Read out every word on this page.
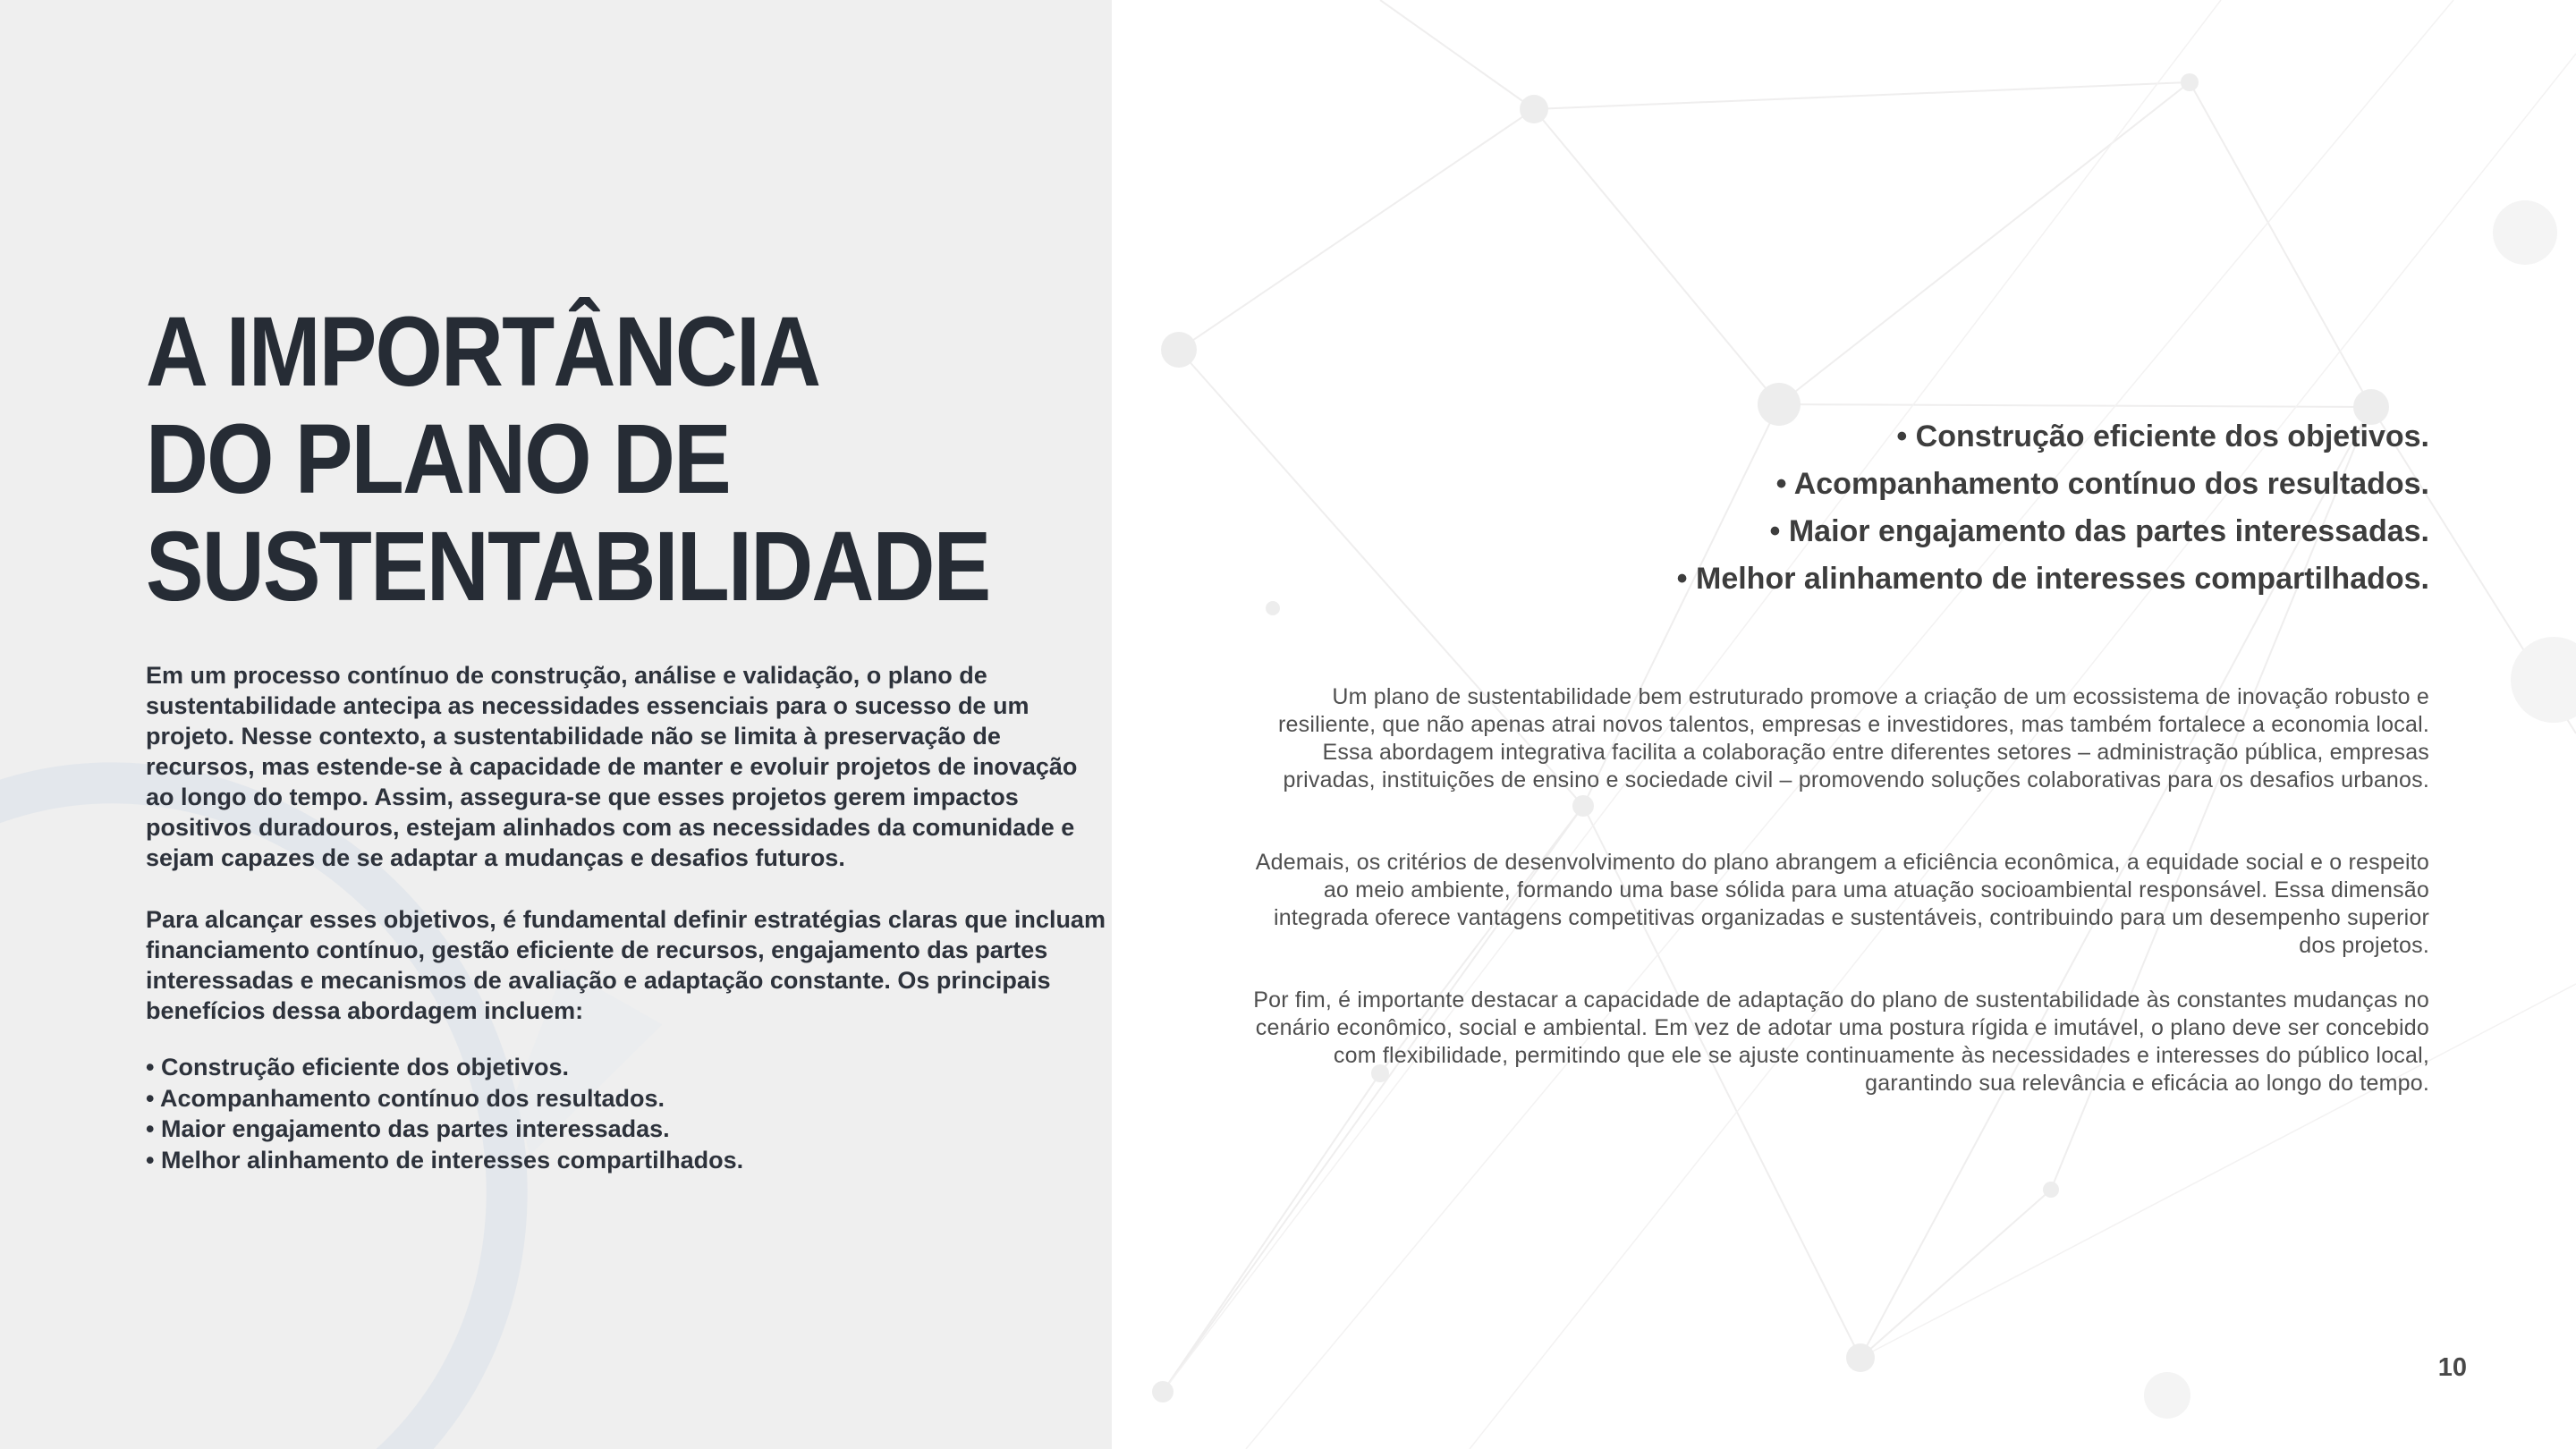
A IMPORTÂNCIA
DO PLANO DE
SUSTENTABILIDADE

Em um processo contínuo de construção, análise e validação, o plano de sustentabilidade antecipa as necessidades essenciais para o sucesso de um projeto. Nesse contexto, a sustentabilidade não se limita à preservação de recursos, mas estende-se à capacidade de manter e evoluir projetos de inovação ao longo do tempo. Assim, assegura-se que esses projetos gerem impactos positivos duradouros, estejam alinhados com as necessidades da comunidade e sejam capazes de se adaptar a mudanças e desafios futuros.

Para alcançar esses objetivos, é fundamental definir estratégias claras que incluam financiamento contínuo, gestão eficiente de recursos, engajamento das partes interessadas e mecanismos de avaliação e adaptação constante. Os principais benefícios dessa abordagem incluem:

• Construção eficiente dos objetivos.
• Acompanhamento contínuo dos resultados.
• Maior engajamento das partes interessadas.
• Melhor alinhamento de interesses compartilhados.
• Construção eficiente dos objetivos.
• Acompanhamento contínuo dos resultados.
• Maior engajamento das partes interessadas.
• Melhor alinhamento de interesses compartilhados.

Um plano de sustentabilidade bem estruturado promove a criação de um ecossistema de inovação robusto e resiliente, que não apenas atrai novos talentos, empresas e investidores, mas também fortalece a economia local. Essa abordagem integrativa facilita a colaboração entre diferentes setores – administração pública, empresas privadas, instituições de ensino e sociedade civil – promovendo soluções colaborativas para os desafios urbanos.

Ademais, os critérios de desenvolvimento do plano abrangem a eficiência econômica, a equidade social e o respeito ao meio ambiente, formando uma base sólida para uma atuação socioambiental responsável. Essa dimensão integrada oferece vantagens competitivas organizadas e sustentáveis, contribuindo para um desempenho superior dos projetos.

Por fim, é importante destacar a capacidade de adaptação do plano de sustentabilidade às constantes mudanças no cenário econômico, social e ambiental. Em vez de adotar uma postura rígida e imutável, o plano deve ser concebido com flexibilidade, permitindo que ele se ajuste continuamente às necessidades e interesses do público local, garantindo sua relevância e eficácia ao longo do tempo.

10
